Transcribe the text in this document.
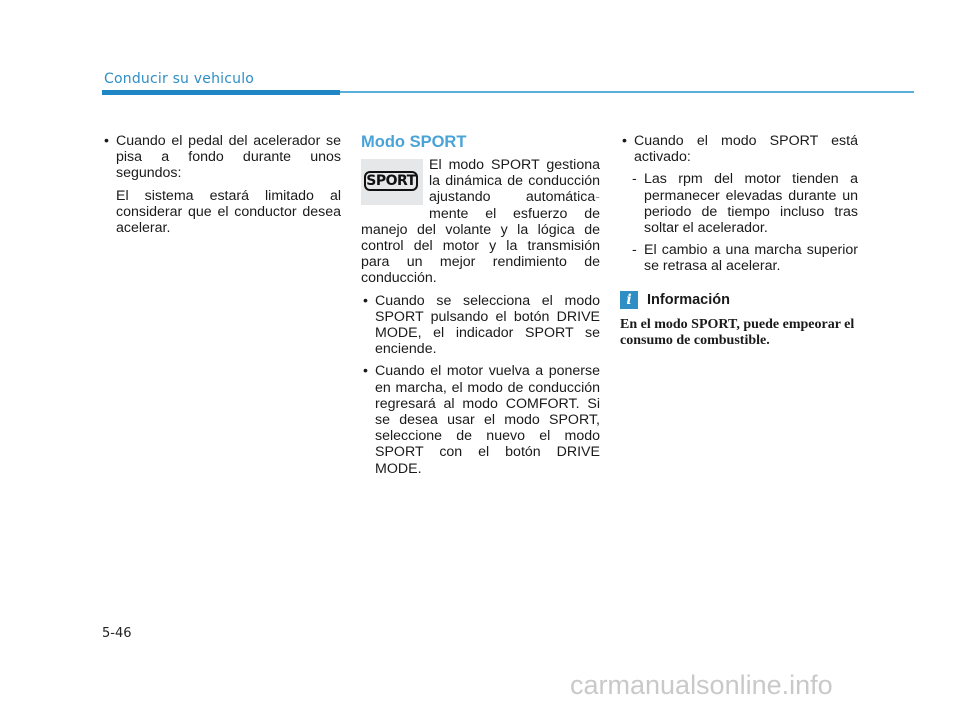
Conducir su vehiculo
• Cuando el pedal del acelerador se pisa a fondo durante unos segundos:
El sistema estará limitado al considerar que el conductor desea acelerar.
Modo SPORT
SPORT
El modo SPORT gestiona la dinámica de conducción ajustando automática- mente el esfuerzo de manejo del volante y la lógica de control del motor y la transmisión para un mejor rendimiento de conducción.
• Cuando se selecciona el modo SPORT pulsando el botón DRIVE MODE, el indicador SPORT se enciende.
• Cuando el motor vuelva a ponerse en marcha, el modo de conducción regresará al modo COMFORT. Si se desea usar el modo SPORT, seleccione de nuevo el modo SPORT con el botón DRIVE MODE.
• Cuando el modo SPORT está activado:
- Las rpm del motor tienden a permanecer elevadas durante un periodo de tiempo incluso tras soltar el acelerador.
- El cambio a una marcha superior se retrasa al acelerar.
i	Información
En el modo SPORT, puede empeorar el consumo de combustible.
5-46
carmanualsonline.info
